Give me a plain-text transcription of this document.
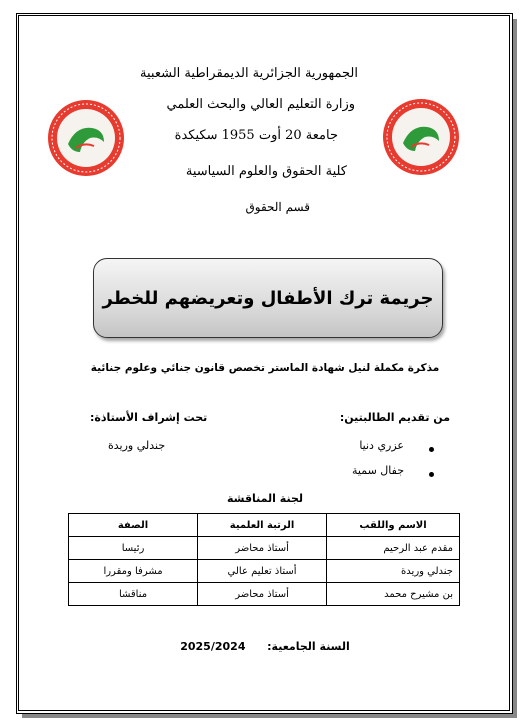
الجمهورية الجزائرية الديمقراطية الشعبية
وزارة التعليم العالي والبحث العلمي
جامعة 20 أوت 1955 سكيكدة
كلية الحقوق والعلوم السياسية
قسم الحقوق
جريمة ترك الأطفال وتعريضهم للخطر
مذكرة مكملة لنيل شهادة الماستر تخصص قانون جنائي وعلوم جنائية
من تقديم الطالبتين:
عزري دنيا
جفال سمية
تحت إشراف الأستاذة:
جندلي وريدة
لجنة المناقشة
الاسم واللقب	الرتبة العلمية	الصفة
مقدم عبد الرحيم	أستاذ محاضر	رئيسا
جندلي وريدة	أستاذ تعليم عالي	مشرفا ومقررا
بن مشيرح محمد	أستاذ محاضر	مناقشا
السنة الجامعية:  2025/2024
